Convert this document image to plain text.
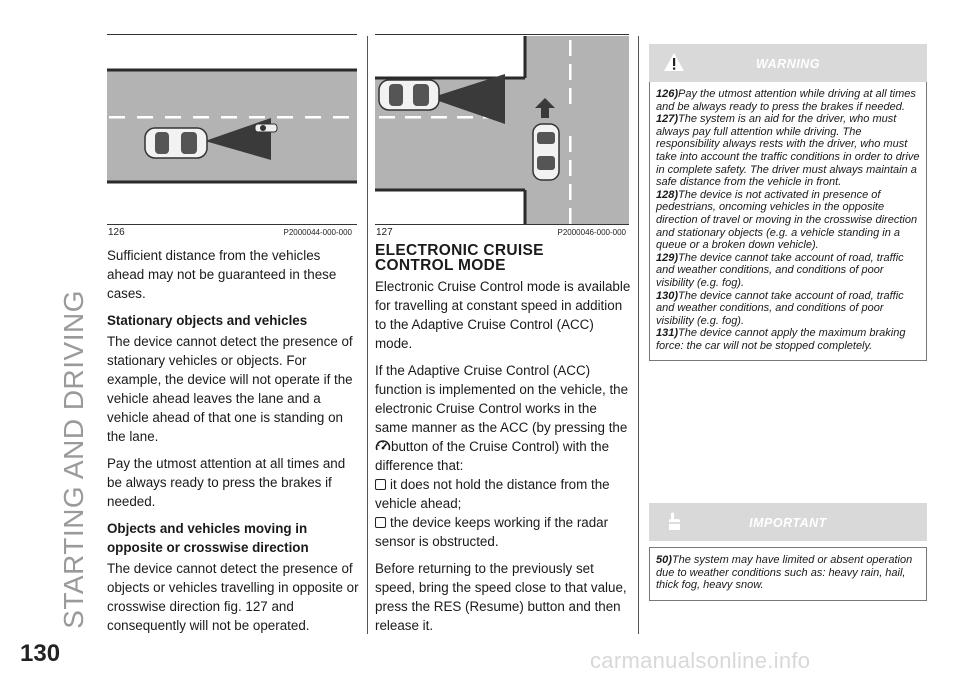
STARTING AND DRIVING
126	P2000044-000-000 127	P2000046-000-000

Sufficient distance from the vehicles ahead may not be guaranteed in these cases.

Stationary objects and vehicles

The device cannot detect the presence of stationary vehicles or objects. For example, the device will not operate if the vehicle ahead leaves the lane and a vehicle ahead of that one is standing on the lane.

Pay the utmost attention at all times and be always ready to press the brakes if needed.

Objects and vehicles moving in opposite or crosswise direction

The device cannot detect the presence of objects or vehicles travelling in opposite or crosswise direction fig. 127 and consequently will not be operated.

ELECTRONIC CRUISE
CONTROL MODE

Electronic Cruise Control mode is available for travelling at constant speed in addition to the Adaptive Cruise Control (ACC) mode.

If the Adaptive Cruise Control (ACC) function is implemented on the vehicle, the electronic Cruise Control works in the same manner as the ACC (by pressing the button of the Cruise Control) with the difference that:

it does not hold the distance from the vehicle ahead;

the device keeps working if the radar sensor is obstructed.

Before returning to the previously set speed, bring the speed close to that value, press the RES (Resume) button and then release it.

WARNING
126)Pay the utmost attention while driving at all times and be always ready to press the brakes if needed.
127)The system is an aid for the driver, who must always pay full attention while driving. The responsibility always rests with the driver, who must take into account the traffic conditions in order to drive in complete safety. The driver must always maintain a safe distance from the vehicle in front.
128)The device is not activated in presence of pedestrians, oncoming vehicles in the opposite direction of travel or moving in the crosswise direction and stationary objects (e.g. a vehicle standing in a queue or a broken down vehicle).
129)The device cannot take account of road, traffic and weather conditions, and conditions of poor visibility (e.g. fog).
130)The device cannot take account of road, traffic and weather conditions, and conditions of poor visibility (e.g. fog).
131)The device cannot apply the maximum braking force: the car will not be stopped completely.
IMPORTANT
50)The system may have limited or absent operation due to weather conditions such as: heavy rain, hail, thick fog, heavy snow.
130	carmanualsonline.info
